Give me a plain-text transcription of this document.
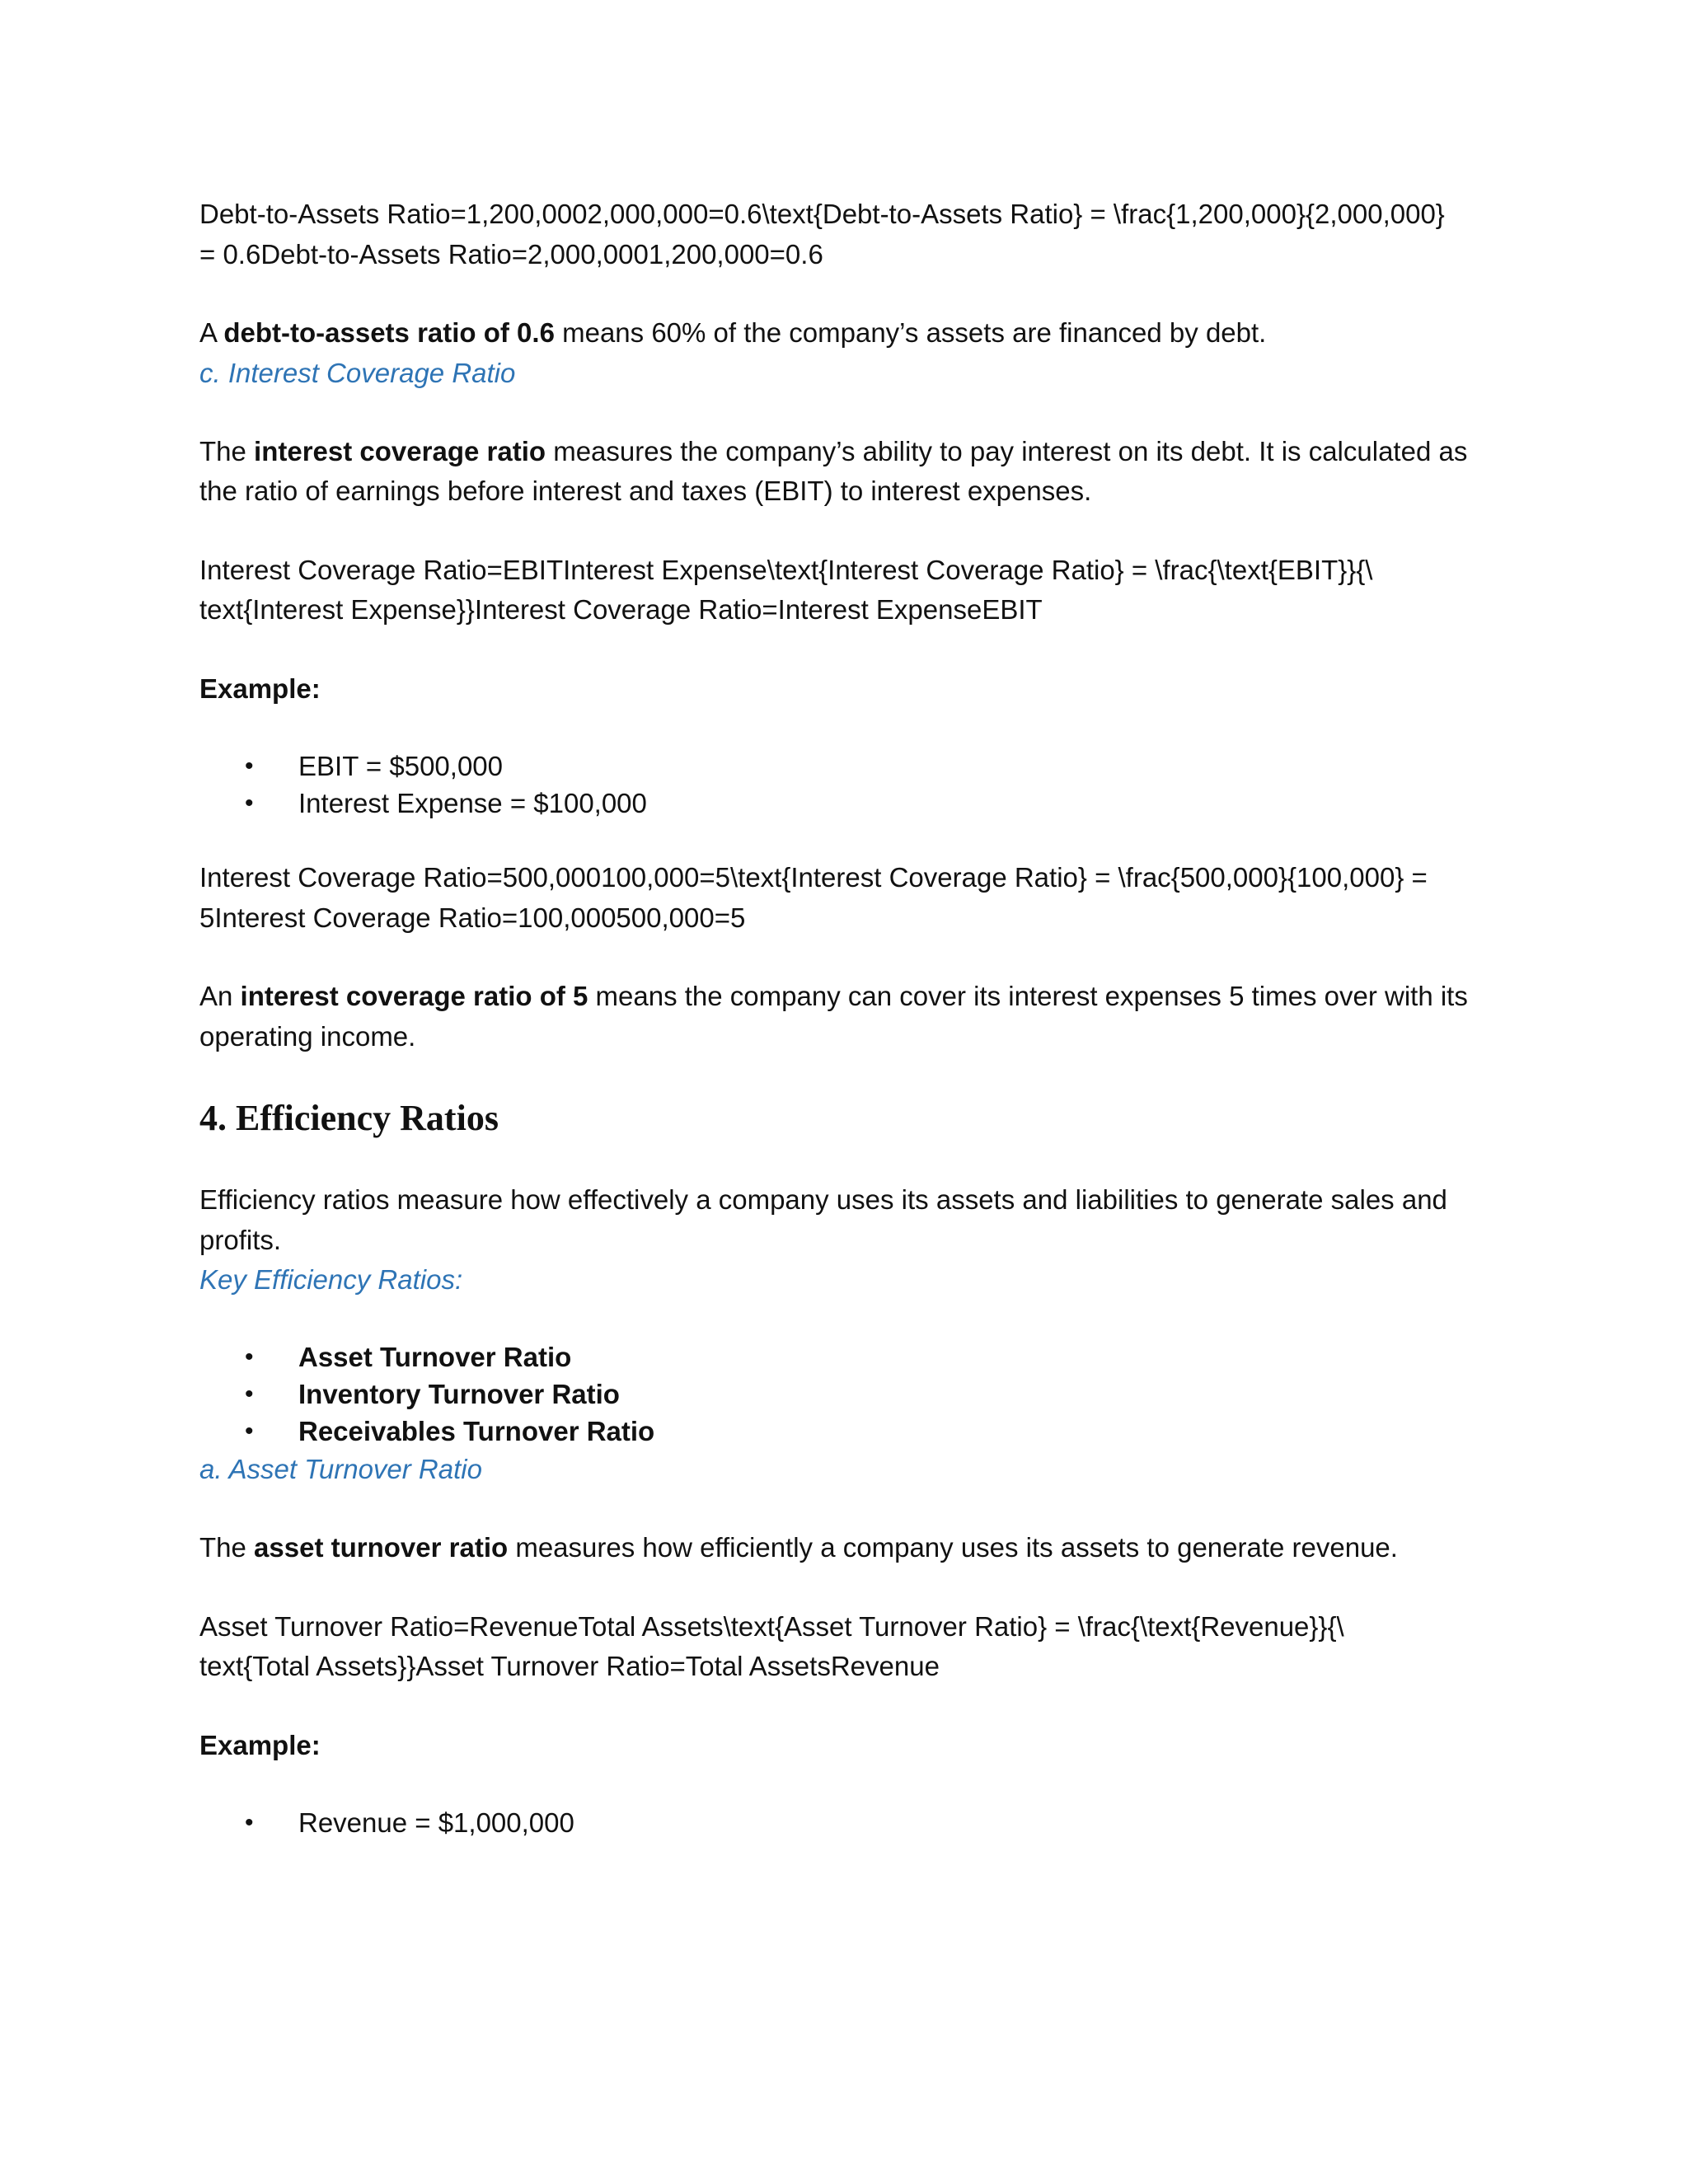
Debt-to-Assets Ratio=1,200,0002,000,000=0.6\text{Debt-to-Assets Ratio} = \frac{1,200,000}{2,000,000}
= 0.6Debt-to-Assets Ratio=2,000,0001,200,000=0.6

A debt-to-assets ratio of 0.6 means 60% of the company’s assets are financed by debt.

c. Interest Coverage Ratio

The interest coverage ratio measures the company’s ability to pay interest on its debt. It is calculated as
the ratio of earnings before interest and taxes (EBIT) to interest expenses.

Interest Coverage Ratio=EBITInterest Expense\text{Interest Coverage Ratio} = \frac{\text{EBIT}}{\
text{Interest Expense}}Interest Coverage Ratio=Interest ExpenseEBIT

Example:

• EBIT = $500,000
• Interest Expense = $100,000

Interest Coverage Ratio=500,000100,000=5\text{Interest Coverage Ratio} = \frac{500,000}{100,000} =
5Interest Coverage Ratio=100,000500,000=5

An interest coverage ratio of 5 means the company can cover its interest expenses 5 times over with its
operating income.

4. Efficiency Ratios

Efficiency ratios measure how effectively a company uses its assets and liabilities to generate sales and
profits.

Key Efficiency Ratios:

• Asset Turnover Ratio
• Inventory Turnover Ratio
• Receivables Turnover Ratio

a. Asset Turnover Ratio

The asset turnover ratio measures how efficiently a company uses its assets to generate revenue.

Asset Turnover Ratio=RevenueTotal Assets\text{Asset Turnover Ratio} = \frac{\text{Revenue}}{\
text{Total Assets}}Asset Turnover Ratio=Total AssetsRevenue

Example:

• Revenue = $1,000,000
